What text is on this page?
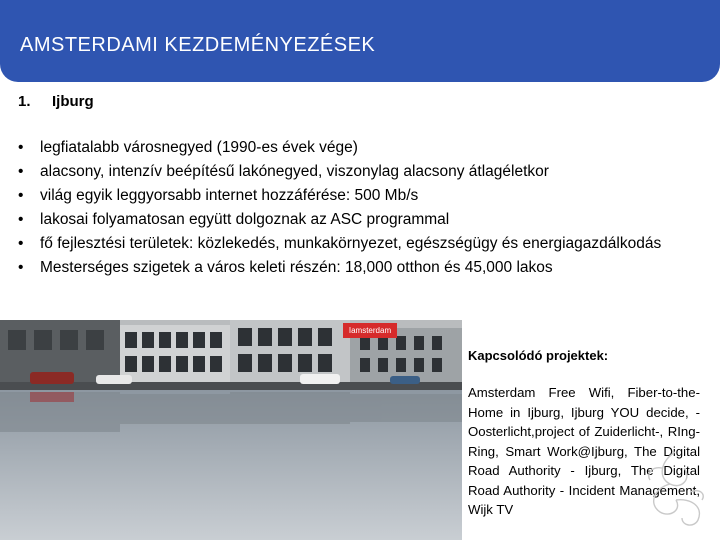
AMSTERDAMI KEZDEMÉNYEZÉSEK
1. Ijburg
• legfiatalabb városnegyed (1990-es évek vége)
• alacsony, intenzív beépítésű lakónegyed, viszonylag alacsony átlagéletkor
• világ egyik leggyorsabb internet hozzáférése: 500 Mb/s
• lakosai folyamatosan együtt dolgoznak az ASC programmal
• fő fejlesztési területek: közlekedés, munkakörnyezet, egészségügy és energiagazdálkodás
• Mesterséges szigetek a város keleti részén: 18,000 otthon és 45,000 lakos
Iamsterdam
Kapcsolódó projektek:
Amsterdam Free Wifi, Fiber-to-the-Home in Ijburg, Ijburg YOU decide, -Oosterlicht,project of Zuiderlicht-, RIng-Ring, Smart Work@Ijburg, The Digital Road Authority - Ijburg, The Digital Road Authority - Incident Management, Wijk TV
